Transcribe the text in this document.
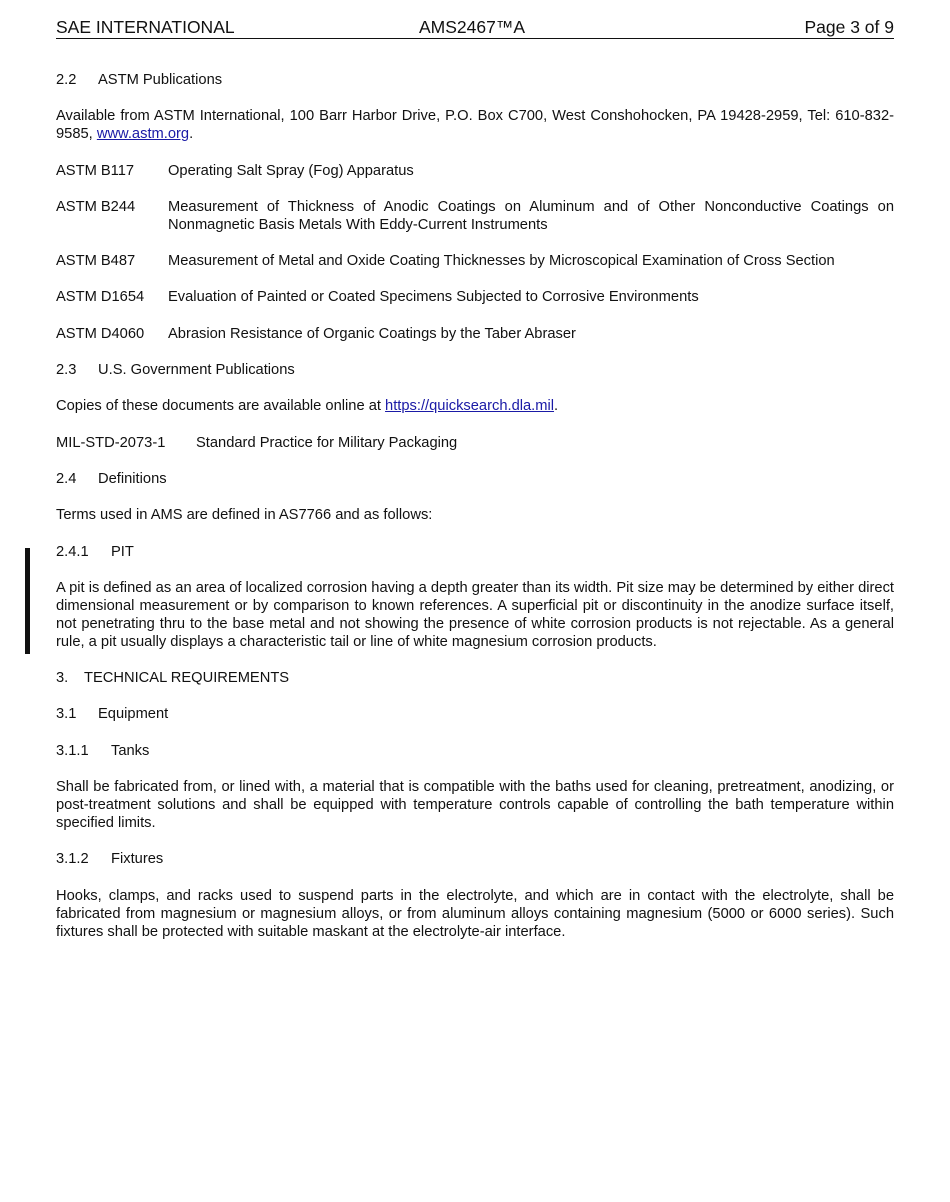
SAE INTERNATIONAL	AMS2467™A	Page 3 of 9
2.2 ASTM Publications
Available from ASTM International, 100 Barr Harbor Drive, P.O. Box C700, West Conshohocken, PA 19428-2959, Tel: 610-832-9585, www.astm.org.
ASTM B117	Operating Salt Spray (Fog) Apparatus
ASTM B244	Measurement of Thickness of Anodic Coatings on Aluminum and of Other Nonconductive Coatings on Nonmagnetic Basis Metals With Eddy-Current Instruments
ASTM B487	Measurement of Metal and Oxide Coating Thicknesses by Microscopical Examination of Cross Section
ASTM D1654	Evaluation of Painted or Coated Specimens Subjected to Corrosive Environments
ASTM D4060	Abrasion Resistance of Organic Coatings by the Taber Abraser
2.3 U.S. Government Publications
Copies of these documents are available online at https://quicksearch.dla.mil.
MIL-STD-2073-1	Standard Practice for Military Packaging
2.4 Definitions
Terms used in AMS are defined in AS7766 and as follows:
2.4.1 PIT
A pit is defined as an area of localized corrosion having a depth greater than its width. Pit size may be determined by either direct dimensional measurement or by comparison to known references. A superficial pit or discontinuity in the anodize surface itself, not penetrating thru to the base metal and not showing the presence of white corrosion products is not rejectable. As a general rule, a pit usually displays a characteristic tail or line of white magnesium corrosion products.
3. TECHNICAL REQUIREMENTS
3.1 Equipment
3.1.1 Tanks
Shall be fabricated from, or lined with, a material that is compatible with the baths used for cleaning, pretreatment, anodizing, or post-treatment solutions and shall be equipped with temperature controls capable of controlling the bath temperature within specified limits.
3.1.2 Fixtures
Hooks, clamps, and racks used to suspend parts in the electrolyte, and which are in contact with the electrolyte, shall be fabricated from magnesium or magnesium alloys, or from aluminum alloys containing magnesium (5000 or 6000 series). Such fixtures shall be protected with suitable maskant at the electrolyte-air interface.
